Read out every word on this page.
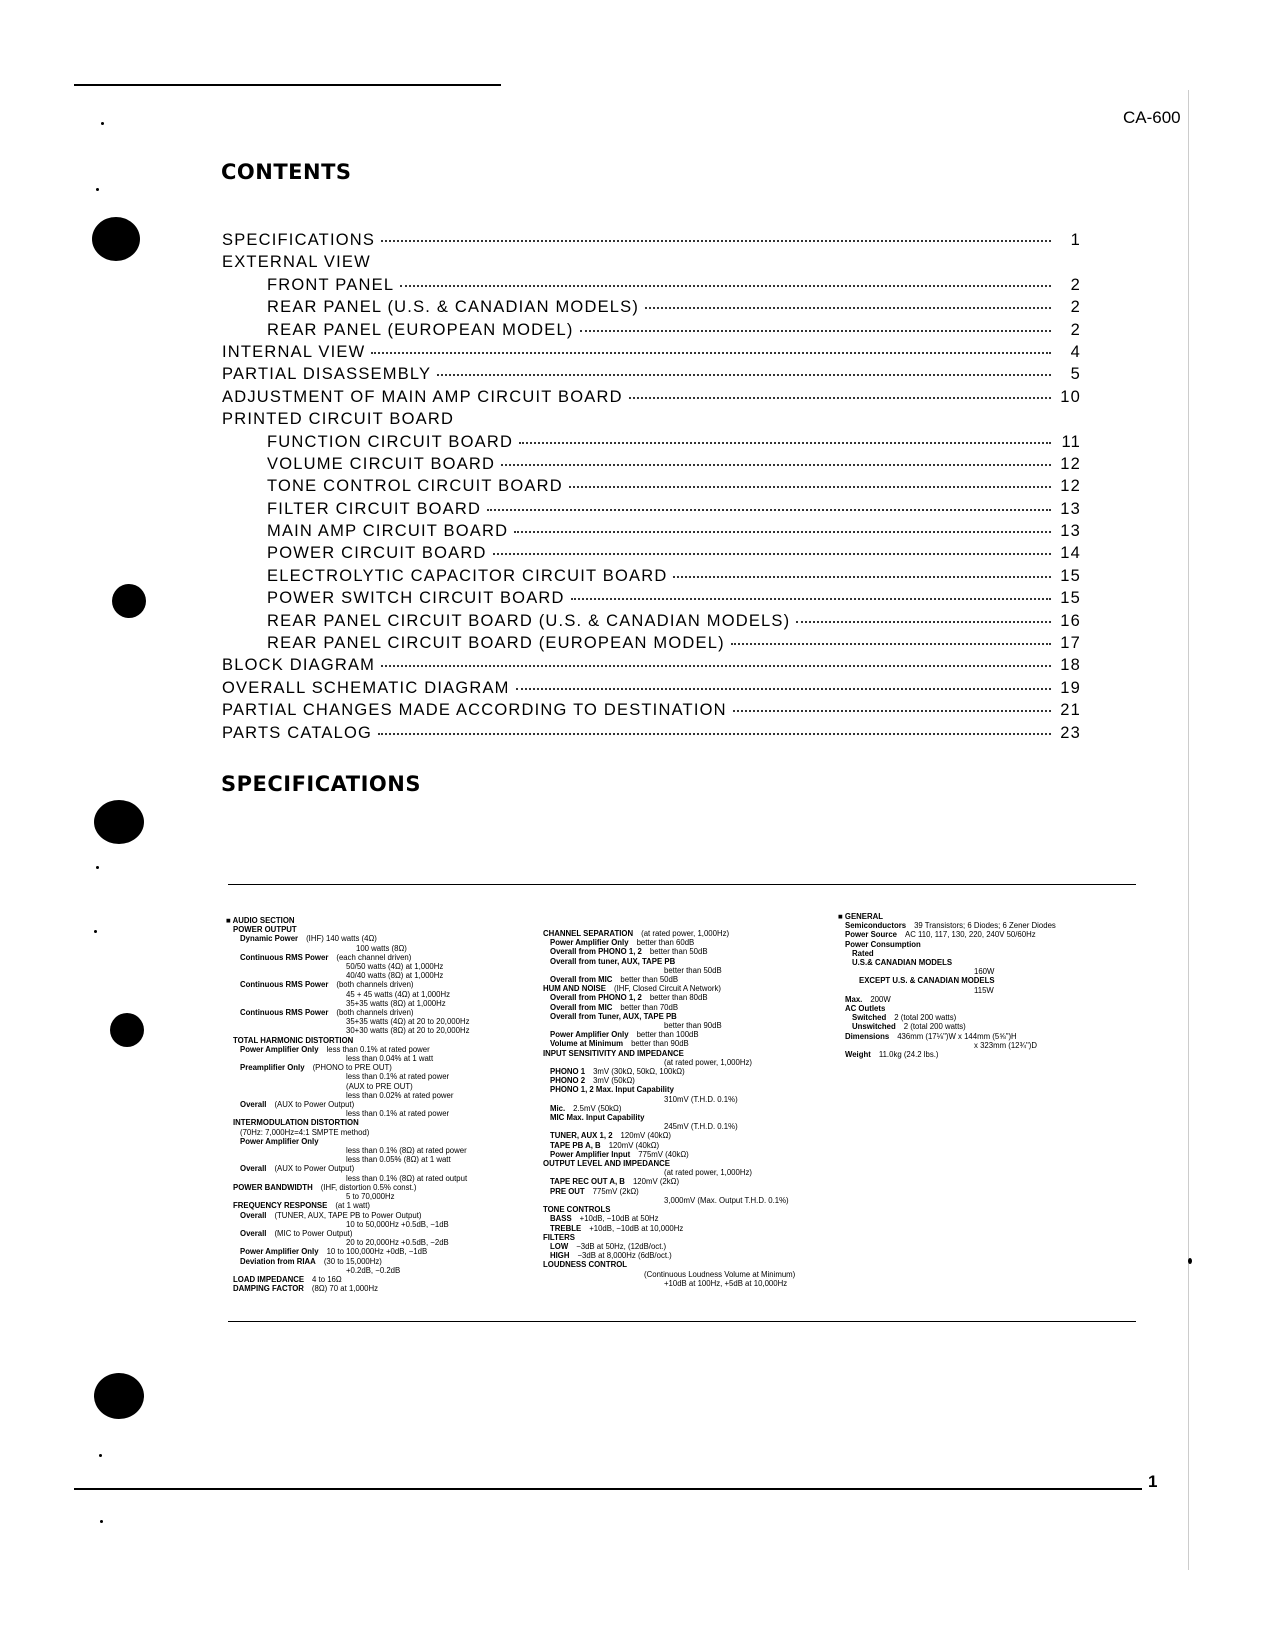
CA-600
CONTENTS
SPECIFICATIONS	1
EXTERNAL VIEW
FRONT PANEL	2
REAR PANEL (U.S. & CANADIAN MODELS)	2
REAR PANEL (EUROPEAN MODEL)	2
INTERNAL VIEW	4
PARTIAL DISASSEMBLY	5
ADJUSTMENT OF MAIN AMP CIRCUIT BOARD	10
PRINTED CIRCUIT BOARD
FUNCTION CIRCUIT BOARD	11
VOLUME CIRCUIT BOARD	12
TONE CONTROL CIRCUIT BOARD	12
FILTER CIRCUIT BOARD	13
MAIN AMP CIRCUIT BOARD	13
POWER CIRCUIT BOARD	14
ELECTROLYTIC CAPACITOR CIRCUIT BOARD	15
POWER SWITCH CIRCUIT BOARD	15
REAR PANEL CIRCUIT BOARD (U.S. & CANADIAN MODELS)	16
REAR PANEL CIRCUIT BOARD (EUROPEAN MODEL)	17
BLOCK DIAGRAM	18
OVERALL SCHEMATIC DIAGRAM	19
PARTIAL CHANGES MADE ACCORDING TO DESTINATION	21
PARTS CATALOG	23
SPECIFICATIONS
■ AUDIO SECTION
POWER OUTPUT
Dynamic Power (IHF) 140 watts (4Ω)
100 watts (8Ω)
Continuous RMS Power (each channel driven)
50/50 watts (4Ω) at 1,000Hz
40/40 watts (8Ω) at 1,000Hz
Continuous RMS Power (both channels driven)
45 + 45 watts (4Ω) at 1,000Hz
35+35 watts (8Ω) at 1,000Hz
Continuous RMS Power (both channels driven)
35+35 watts (4Ω) at 20 to 20,000Hz
30+30 watts (8Ω) at 20 to 20,000Hz
TOTAL HARMONIC DISTORTION
Power Amplifier Only less than 0.1% at rated power
less than 0.04% at 1 watt
Preamplifier Only (PHONO to PRE OUT)
less than 0.1% at rated power
(AUX to PRE OUT)
less than 0.02% at rated power
Overall (AUX to Power Output)
less than 0.1% at rated power
INTERMODULATION DISTORTION
(70Hz: 7,000Hz=4:1 SMPTE method)
Power Amplifier Only
less than 0.1% (8Ω) at rated power
less than 0.05% (8Ω) at 1 watt
Overall (AUX to Power Output)
less than 0.1% (8Ω) at rated output
POWER BANDWIDTH (IHF, distortion 0.5% const.)
5 to 70,000Hz
FREQUENCY RESPONSE (at 1 watt)
Overall (TUNER, AUX, TAPE PB to Power Output)
10 to 50,000Hz +0.5dB, −1dB
Overall (MIC to Power Output)
20 to 20,000Hz +0.5dB, −2dB
Power Amplifier Only 10 to 100,000Hz +0dB, −1dB
Deviation from RIAA (30 to 15,000Hz)
+0.2dB, −0.2dB
LOAD IMPEDANCE 4 to 16Ω
DAMPING FACTOR (8Ω) 70 at 1,000Hz
CHANNEL SEPARATION (at rated power, 1,000Hz)
Power Amplifier Only better than 60dB
Overall from PHONO 1, 2 better than 50dB
Overall from tuner, AUX, TAPE PB
better than 50dB
Overall from MIC better than 50dB
HUM AND NOISE (IHF, Closed Circuit A Network)
Overall from PHONO 1, 2 better than 80dB
Overall from MIC better than 70dB
Overall from Tuner, AUX, TAPE PB
better than 90dB
Power Amplifier Only better than 100dB
Volume at Minimum better than 90dB
INPUT SENSITIVITY AND IMPEDANCE
(at rated power, 1,000Hz)
PHONO 1 3mV (30kΩ, 50kΩ, 100kΩ)
PHONO 2 3mV (50kΩ)
PHONO 1, 2 Max. Input Capability
310mV (T.H.D. 0.1%)
Mic. 2.5mV (50kΩ)
MIC Max. Input Capability
245mV (T.H.D. 0.1%)
TUNER, AUX 1, 2 120mV (40kΩ)
TAPE PB A, B 120mV (40kΩ)
Power Amplifier Input 775mV (40kΩ)
OUTPUT LEVEL AND IMPEDANCE
(at rated power, 1,000Hz)
TAPE REC OUT A, B 120mV (2kΩ)
PRE OUT 775mV (2kΩ)
3,000mV (Max. Output T.H.D. 0.1%)
TONE CONTROLS
BASS +10dB, −10dB at 50Hz
TREBLE +10dB, −10dB at 10,000Hz
FILTERS
LOW −3dB at 50Hz, (12dB/oct.)
HIGH −3dB at 8,000Hz (6dB/oct.)
LOUDNESS CONTROL
(Continuous Loudness Volume at Minimum)
+10dB at 100Hz, +5dB at 10,000Hz
■ GENERAL
Semiconductors 39 Transistors; 6 Diodes; 6 Zener Diodes
Power Source AC 110, 117, 130, 220, 240V 50/60Hz
Power Consumption
Rated
U.S.& CANADIAN MODELS
160W
EXCEPT U.S. & CANADIAN MODELS
115W
Max. 200W
AC Outlets
Switched 2 (total 200 watts)
Unswitched 2 (total 200 watts)
Dimensions 436mm (17⅛")W x 144mm (5⅝")H
x 323mm (12¾")D
Weight 11.0kg (24.2 lbs.)
1
